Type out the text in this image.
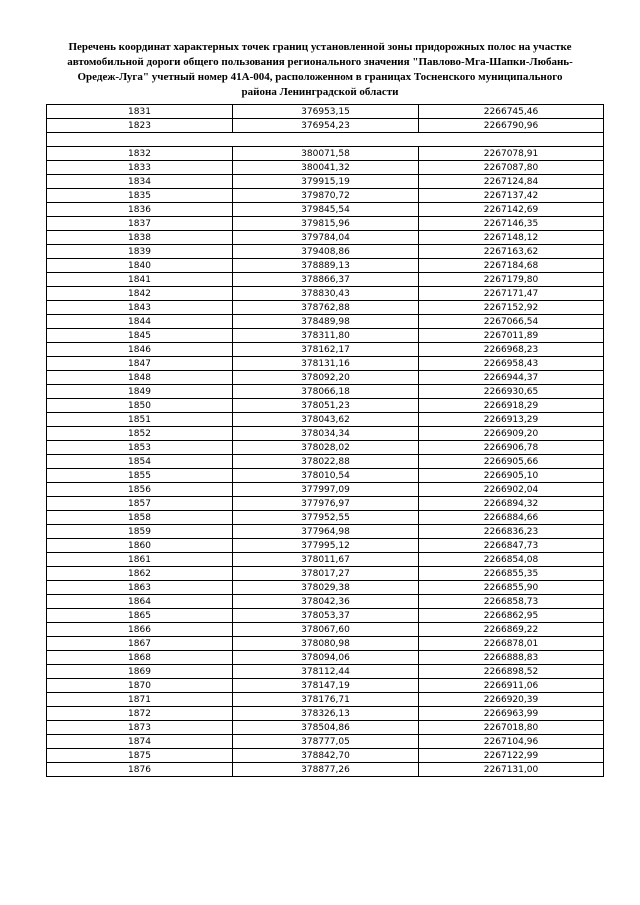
Перечень координат характерных точек границ установленной зоны придорожных полос на участке
автомобильной дороги общего пользования регионального значения "Павлово-Мга-Шапки-Любань-
Оредеж-Луга" учетный номер 41А-004, расположенном в границах Тосненского муниципального
района Ленинградской области
1831	376953,15	2266745,46
1823	376954,23	2266790,96

1832	380071,58	2267078,91
1833	380041,32	2267087,80
1834	379915,19	2267124,84
1835	379870,72	2267137,42
1836	379845,54	2267142,69
1837	379815,96	2267146,35
1838	379784,04	2267148,12
1839	379408,86	2267163,62
1840	378889,13	2267184,68
1841	378866,37	2267179,80
1842	378830,43	2267171,47
1843	378762,88	2267152,92
1844	378489,98	2267066,54
1845	378311,80	2267011,89
1846	378162,17	2266968,23
1847	378131,16	2266958,43
1848	378092,20	2266944,37
1849	378066,18	2266930,65
1850	378051,23	2266918,29
1851	378043,62	2266913,29
1852	378034,34	2266909,20
1853	378028,02	2266906,78
1854	378022,88	2266905,66
1855	378010,54	2266905,10
1856	377997,09	2266902,04
1857	377976,97	2266894,32
1858	377952,55	2266884,66
1859	377964,98	2266836,23
1860	377995,12	2266847,73
1861	378011,67	2266854,08
1862	378017,27	2266855,35
1863	378029,38	2266855,90
1864	378042,36	2266858,73
1865	378053,37	2266862,95
1866	378067,60	2266869,22
1867	378080,98	2266878,01
1868	378094,06	2266888,83
1869	378112,44	2266898,52
1870	378147,19	2266911,06
1871	378176,71	2266920,39
1872	378326,13	2266963,99
1873	378504,86	2267018,80
1874	378777,05	2267104,96
1875	378842,70	2267122,99
1876	378877,26	2267131,00
